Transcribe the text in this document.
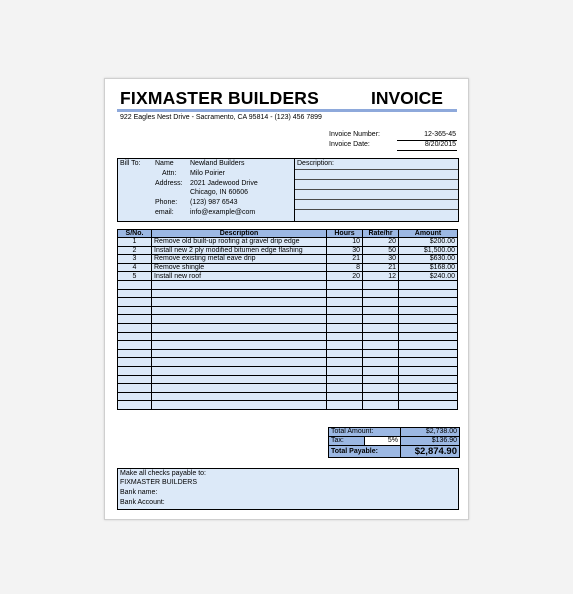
FIXMASTER BUILDERS	INVOICE
922 Eagles Nest Drive - Sacramento, CA 95814 - (123) 456 7899
Invoice Number:	12-365-45
Invoice Date:	8/20/2015
Bill To: Name Newland Builders
Attn: Milo Poirier
Address: 2021 Jadewood Drive
Chicago, IN 60606
Phone: (123) 987 6543
email: info@example@com
Description:
S/No.	Description	Hours	Rate/hr	Amount
1	Remove old built-up roofing at gravel drip edge	10	20	$200.00
2	Install new 2 ply modified bitumen edge flashing	30	50	$1,500.00
3	Remove existing metal eave drip	21	30	$630.00
4	Remove shingle	8	21	$168.00
5	Install new roof	20	12	$240.00

Total Amount:		$2,738.00
Tax:	5%	$136.90
Total Payable:		$2,874.90
Make all checks payable to:
FIXMASTER BUILDERS
Bank name:
Bank Account:
